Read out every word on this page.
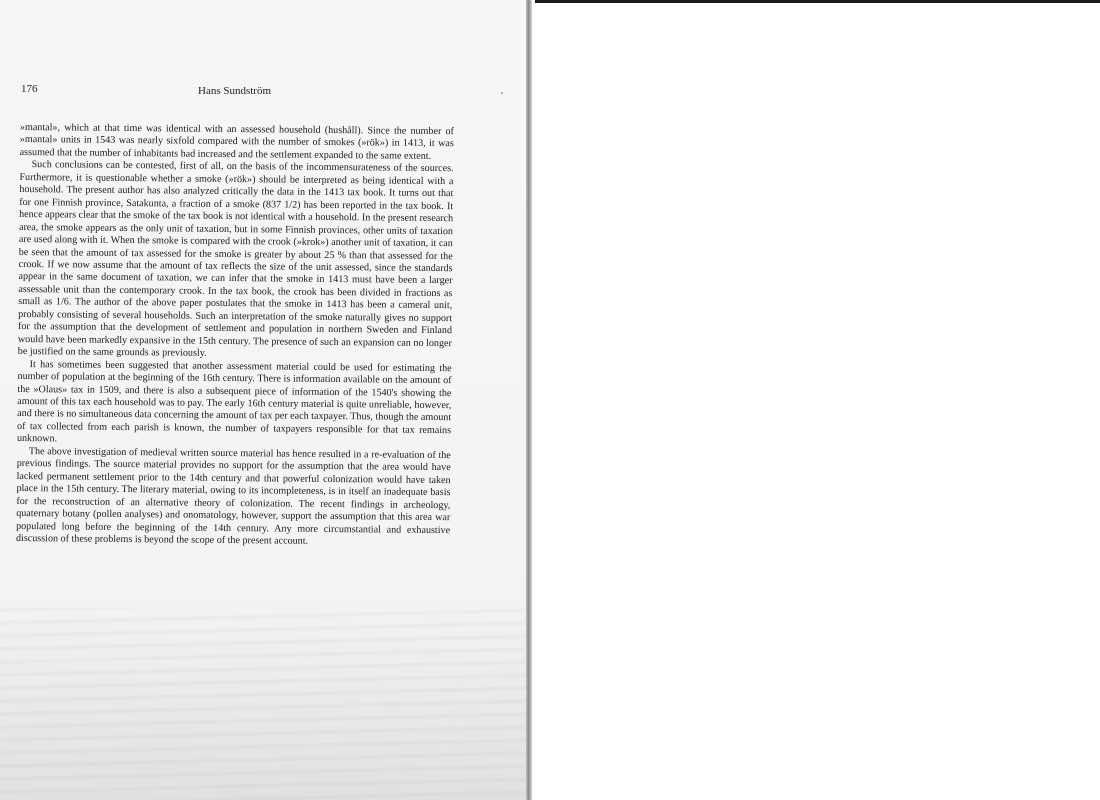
176	Hans Sundström

»mantal», which at that time was identical with an assessed household (hushåll). Since the number of »mantal» units in 1543 was nearly sixfold compared with the number of smokes (»rök») in 1413, it was assumed that the number of inhabitants had increased and the settlement expanded to the same extent.

Such conclusions can be contested, first of all, on the basis of the incommensurateness of the sources. Furthermore, it is questionable whether a smoke (»rök») should be interpreted as being identical with a household. The present author has also analyzed critically the data in the 1413 tax book. It turns out that for one Finnish province, Satakunta, a fraction of a smoke (837 1/2) has been reported in the tax book. It hence appears clear that the smoke of the tax book is not identical with a household. In the present research area, the smoke appears as the only unit of taxation, but in some Finnish provinces, other units of taxation are used along with it. When the smoke is compared with the crook (»krok») another unit of taxation, it can be seen that the amount of tax assessed for the smoke is greater by about 25 % than that assessed for the crook. If we now assume that the amount of tax reflects the size of the unit assessed, since the standards appear in the same document of taxation, we can infer that the smoke in 1413 must have been a larger assessable unit than the contemporary crook. In the tax book, the crook has been divided in fractions as small as 1/6. The author of the above paper postulates that the smoke in 1413 has been a cameral unit, probably consisting of several households. Such an interpretation of the smoke naturally gives no support for the assumption that the development of settlement and population in northern Sweden and Finland would have been markedly expansive in the 15th century. The presence of such an expansion can no longer be justified on the same grounds as previously.

It has sometimes been suggested that another assessment material could be used for estimating the number of population at the beginning of the 16th century. There is information available on the amount of the »Olaus» tax in 1509, and there is also a subsequent piece of information of the 1540's showing the amount of this tax each household was to pay. The early 16th century material is quite unreliable, however, and there is no simultaneous data concerning the amount of tax per each taxpayer. Thus, though the amount of tax collected from each parish is known, the number of taxpayers responsible for that tax remains unknown.

The above investigation of medieval written source material has hence resulted in a re-evaluation of the previous findings. The source material provides no support for the assumption that the area would have lacked permanent settlement prior to the 14th century and that powerful colonization would have taken place in the 15th century. The literary material, owing to its incompleteness, is in itself an inadequate basis for the reconstruction of an alternative theory of colonization. The recent findings in archeology, quaternary botany (pollen analyses) and onomatology, however, support the assumption that this area war populated long before the beginning of the 14th century. Any more circumstantial and exhaustive discussion of these problems is beyond the scope of the present account.
